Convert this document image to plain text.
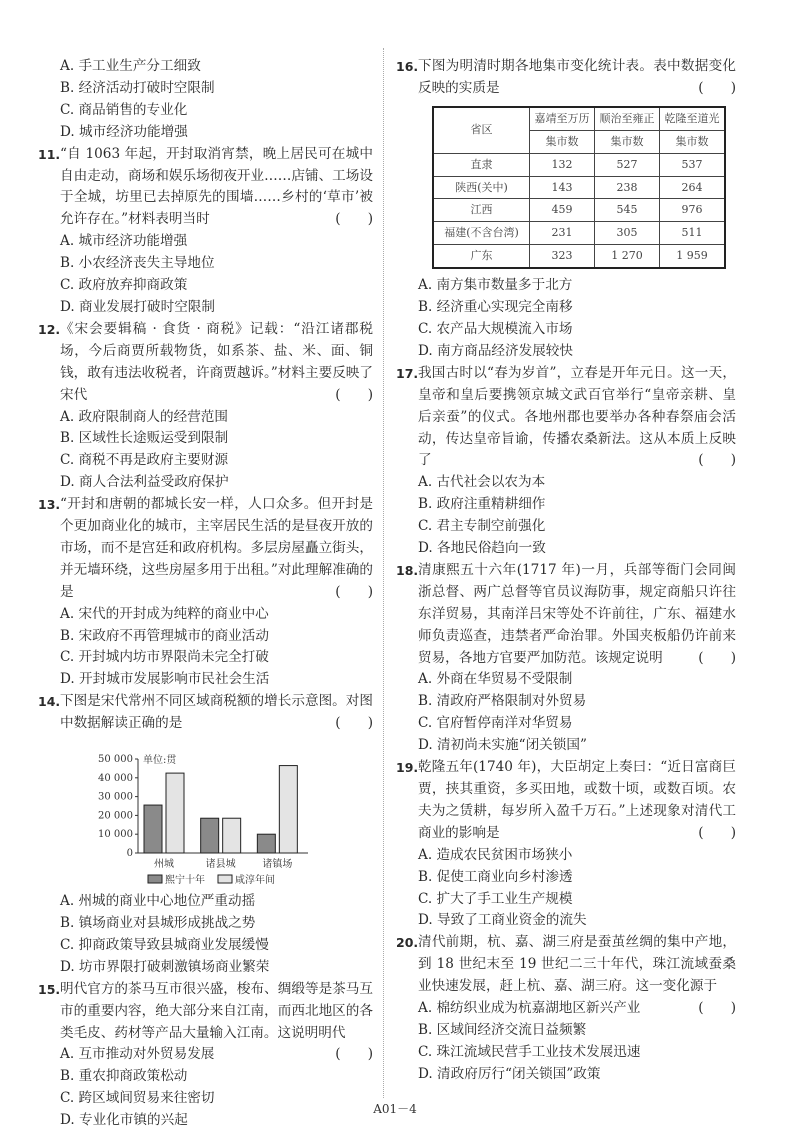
A. 手工业生产分工细致
B. 经济活动打破时空限制
C. 商品销售的专业化
D. 城市经济功能增强
11. “自 1063 年起，开封取消宵禁，晚上居民可在城中自由走动，商场和娱乐场彻夜开业……店铺、工场设于全城，坊里已去掉原先的围墙……乡村的‘草市’被允许存在。”材料表明当时	(　　)
A. 城市经济功能增强
B. 小农经济丧失主导地位
C. 政府放弃抑商政策
D. 商业发展打破时空限制
12. 《宋会要辑稿 · 食货 · 商税》记载：“沿江诸郡税场，今后商贾所载物货，如系茶、盐、米、面、铜钱，敢有违法收税者，许商贾越诉。”材料主要反映了宋代	(　　)
A. 政府限制商人的经营范围
B. 区域性长途贩运受到限制
C. 商税不再是政府主要财源
D. 商人合法利益受政府保护
13. “开封和唐朝的都城长安一样，人口众多。但开封是个更加商业化的城市，主宰居民生活的是昼夜开放的市场，而不是宫廷和政府机构。多层房屋矗立街头，并无墙环绕，这些房屋多用于出租。”对此理解准确的是	(　　)
A. 宋代的开封成为纯粹的商业中心
B. 宋政府不再管理城市的商业活动
C. 开封城内坊市界限尚未完全打破
D. 开封城市发展影响市民社会生活
14. 下图是宋代常州不同区域商税额的增长示意图。对图中数据解读正确的是	(　　)
0
10 000
20 000
30 000
40 000
50 000 单位:贯
州城	诸县城	诸镇场
熙宁十年	咸淳年间
A. 州城的商业中心地位严重动摇
B. 镇场商业对县城形成挑战之势
C. 抑商政策导致县城商业发展缓慢
D. 坊市界限打破刺激镇场商业繁荣
15. 明代官方的茶马互市很兴盛，梭布、绸缎等是茶马互市的重要内容，绝大部分来自江南，而西北地区的各类毛皮、药材等产品大量输入江南。这说明明代
(　　)
A. 互市推动对外贸易发展
B. 重农抑商政策松动
C. 跨区域间贸易来往密切
D. 专业化市镇的兴起
16. 下图为明清时期各地集市变化统计表。表中数据变化反映的实质是	(　　)
省区	嘉靖至万历	顺治至雍正	乾隆至道光
	集市数	集市数	集市数
直隶	132	527	537
陕西(关中)	143	238	264
江西	459	545	976
福建(不含台湾)	231	305	511
广东	323	1 270	1 959
A. 南方集市数量多于北方
B. 经济重心实现完全南移
C. 农产品大规模流入市场
D. 南方商品经济发展较快
17. 我国古时以“春为岁首”，立春是开年元日。这一天，皇帝和皇后要携领京城文武百官举行“皇帝亲耕、皇后亲蚕”的仪式。各地州郡也要举办各种春祭庙会活动，传达皇帝旨谕，传播农桑新法。这从本质上反映了	(　　)
A. 古代社会以农为本
B. 政府注重精耕细作
C. 君主专制空前强化
D. 各地民俗趋向一致
18. 清康熙五十六年(1717 年)一月，兵部等衙门会同闽浙总督、两广总督等官员议海防事，规定商船只许往东洋贸易，其南洋吕宋等处不许前往，广东、福建水师负责巡查，违禁者严命治罪。外国夹板船仍许前来贸易，各地方官要严加防范。该规定说明	(　　)
A. 外商在华贸易不受限制
B. 清政府严格限制对外贸易
C. 官府暂停南洋对华贸易
D. 清初尚未实施“闭关锁国”
19. 乾隆五年(1740 年)，大臣胡定上奏曰：“近日富商巨贾，挟其重资，多买田地，或数十顷，或数百顷。农夫为之赁耕，每岁所入盈千万石。”上述现象对清代工商业的影响是	(　　)
A. 造成农民贫困市场狭小
B. 促使工商业向乡村渗透
C. 扩大了手工业生产规模
D. 导致了工商业资金的流失
20. 清代前期，杭、嘉、湖三府是蚕茧丝绸的集中产地，到 18 世纪末至 19 世纪二三十年代，珠江流域蚕桑业快速发展，赶上杭、嘉、湖三府。这一变化源于
(　　)
A. 棉纺织业成为杭嘉湖地区新兴产业
B. 区域间经济交流日益频繁
C. 珠江流域民营手工业技术发展迅速
D. 清政府厉行“闭关锁国”政策
A01－4
